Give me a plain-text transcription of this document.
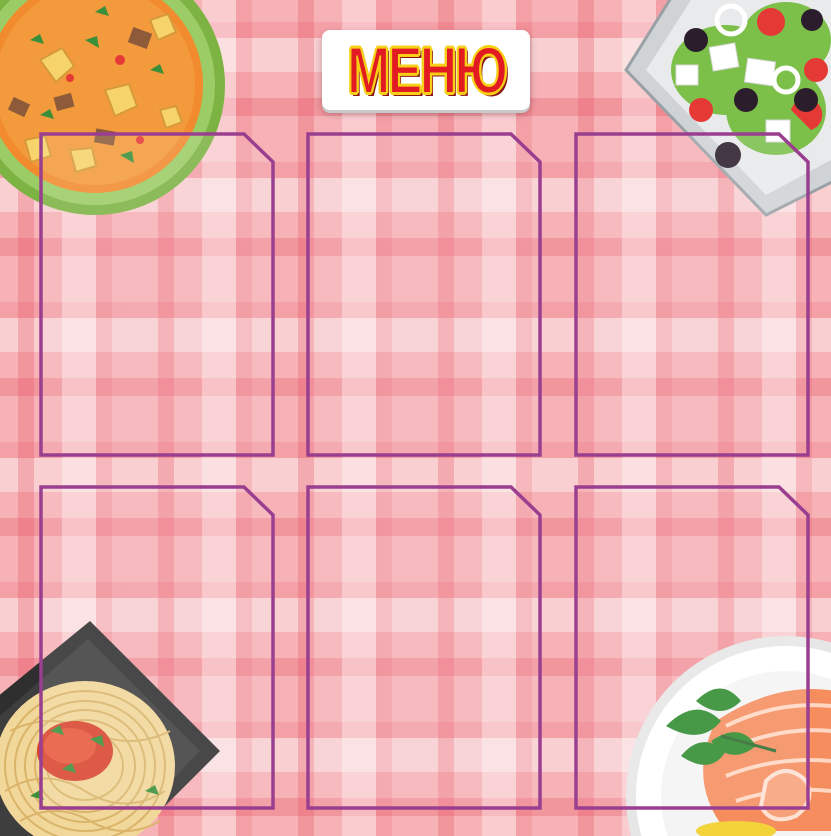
МЕНЮ
